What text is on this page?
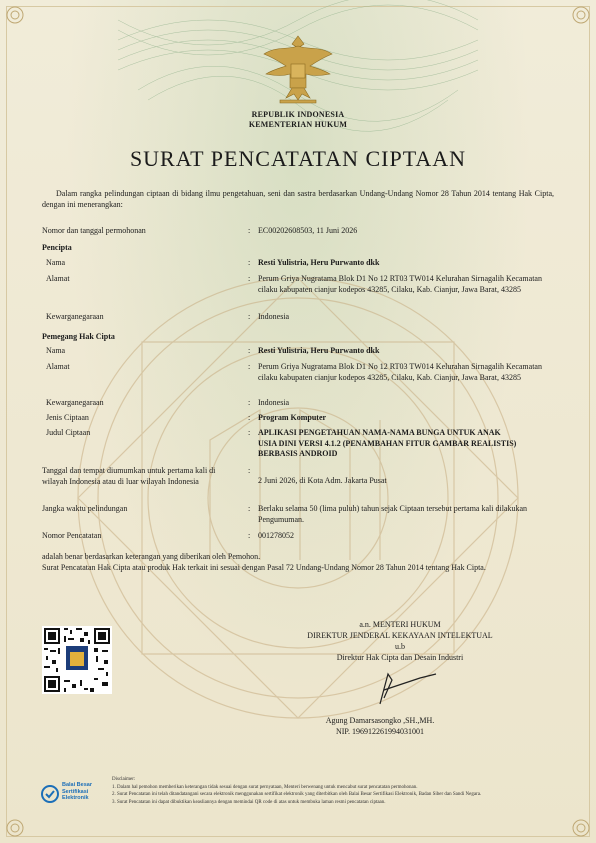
REPUBLIK INDONESIA
KEMENTERIAN HUKUM
SURAT PENCATATAN CIPTAAN
Dalam rangka pelindungan ciptaan di bidang ilmu pengetahuan, seni dan sastra berdasarkan Undang-Undang Nomor 28 Tahun 2014 tentang Hak Cipta, dengan ini menerangkan:
Nomor dan tanggal permohonan	: EC00202608503, 11 Juni 2026
Pencipta
Nama	: Resti Yulistria, Heru Purwanto dkk
Alamat	: Perum Griya Nugratama Blok D1 No 12 RT03 TW014 Kelurahan Sirnagalih Kecamatan cilaku kabupaten cianjur kodepos 43285, Cilaku, Kab. Cianjur, Jawa Barat, 43285
Kewarganegaraan	: Indonesia
Pemegang Hak Cipta
Nama	: Resti Yulistria, Heru Purwanto dkk
Alamat	: Perum Griya Nugratama Blok D1 No 12 RT03 TW014 Kelurahan Sirnagalih Kecamatan cilaku kabupaten cianjur kodepos 43285, Cilaku, Kab. Cianjur, Jawa Barat, 43285
Kewarganegaraan	: Indonesia
Jenis Ciptaan	: Program Komputer
Judul Ciptaan	: APLIKASI PENGETAHUAN NAMA-NAMA BUNGA UNTUK ANAK USIA DINI VERSI 4.1.2 (PENAMBAHAN FITUR GAMBAR REALISTIS) BERBASIS ANDROID
Tanggal dan tempat diumumkan untuk pertama kali di wilayah Indonesia atau di luar wilayah Indonesia
:
2 Juni 2026, di Kota Adm. Jakarta Pusat
Jangka waktu pelindungan	: Berlaku selama 50 (lima puluh) tahun sejak Ciptaan tersebut pertama kali dilakukan Pengumuman.
Nomor Pencatatan	: 001278052
adalah benar berdasarkan keterangan yang diberikan oleh Pemohon.
Surat Pencatatan Hak Cipta atau produk Hak terkait ini sesuai dengan Pasal 72 Undang-Undang Nomor 28 Tahun 2014 tentang Hak Cipta.
a.n. MENTERI HUKUM
DIREKTUR JENDERAL KEKAYAAN INTELEKTUAL
u.b
Direktur Hak Cipta dan Desain Industri
Agung Damarsasongko ,SH.,MH.
NIP. 196912261994031001
Balai Besar
Sertifikasi
Elektronik
Disclaimer:
1. Dalam hal pemohon memberikan keterangan tidak sesuai dengan surat pernyataan, Menteri berwenang untuk mencabut surat pencatatan permohonan.
2. Surat Pencatatan ini telah ditandatangani secara elektronik menggunakan sertifikat elektronik yang diterbitkan oleh Balai Besar Sertifikasi Elektronik, Badan Siber dan Sandi Negara.
3. Surat Pencatatan ini dapat dibuktikan keasliannya dengan memindai QR code di atas untuk membuka laman resmi pencatatan ciptaan.
